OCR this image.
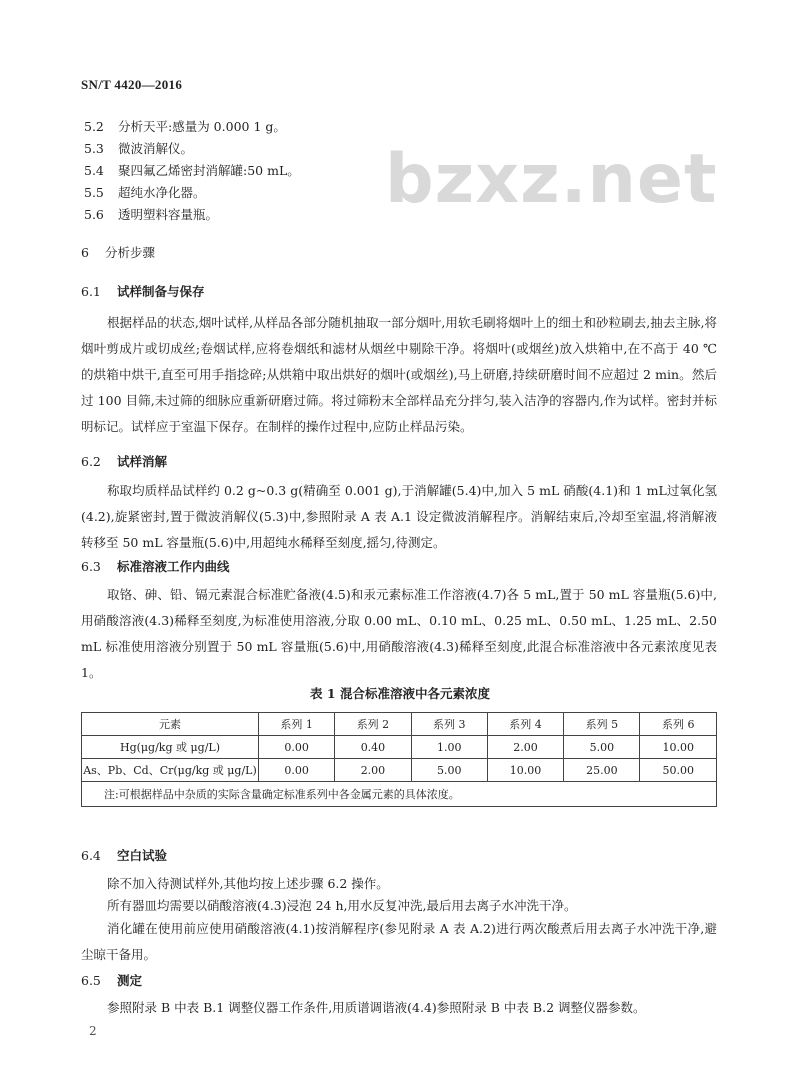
SN/T 4420—2016
bzxz.net
5.2 分析天平:感量为 0.000 1 g。
5.3 微波消解仪。
5.4 聚四氟乙烯密封消解罐:50 mL。
5.5 超纯水净化器。
5.6 透明塑料容量瓶。
6 分析步骤
6.1 试样制备与保存
根据样品的状态,烟叶试样,从样品各部分随机抽取一部分烟叶,用软毛刷将烟叶上的细土和砂粒刷去,抽去主脉,将烟叶剪成片或切成丝;卷烟试样,应将卷烟纸和滤材从烟丝中剔除干净。将烟叶(或烟丝)放入烘箱中,在不高于 40 ℃ 的烘箱中烘干,直至可用手指捻碎;从烘箱中取出烘好的烟叶(或烟丝),马上研磨,持续研磨时间不应超过 2 min。然后过 100 目筛,未过筛的细脉应重新研磨过筛。将过筛粉末全部样品充分拌匀,装入洁净的容器内,作为试样。密封并标明标记。试样应于室温下保存。在制样的操作过程中,应防止样品污染。
6.2 试样消解
称取均质样品试样约 0.2 g~0.3 g(精确至 0.001 g),于消解罐(5.4)中,加入 5 mL 硝酸(4.1)和 1 mL过氧化氢(4.2),旋紧密封,置于微波消解仪(5.3)中,参照附录 A 表 A.1 设定微波消解程序。消解结束后,冷却至室温,将消解液转移至 50 mL 容量瓶(5.6)中,用超纯水稀释至刻度,摇匀,待测定。
6.3 标准溶液工作内曲线
取铬、砷、铅、镉元素混合标准贮备液(4.5)和汞元素标准工作溶液(4.7)各 5 mL,置于 50 mL 容量瓶(5.6)中,用硝酸溶液(4.3)稀释至刻度,为标准使用溶液,分取 0.00 mL、0.10 mL、0.25 mL、0.50 mL、1.25 mL、2.50 mL 标准使用溶液分别置于 50 mL 容量瓶(5.6)中,用硝酸溶液(4.3)稀释至刻度,此混合标准溶液中各元素浓度见表 1。
表 1 混合标准溶液中各元素浓度
元素	系列 1	系列 2	系列 3	系列 4	系列 5	系列 6
Hg(μg/kg 或 μg/L)	0.00	0.40	1.00	2.00	5.00	10.00
As、Pb、Cd、Cr(μg/kg 或 μg/L)	0.00	2.00	5.00	10.00	25.00	50.00
注:可根据样品中杂质的实际含量确定标准系列中各金属元素的具体浓度。						
6.4 空白试验
除不加入待测试样外,其他均按上述步骤 6.2 操作。
所有器皿均需要以硝酸溶液(4.3)浸泡 24 h,用水反复冲洗,最后用去离子水冲洗干净。
消化罐在使用前应使用硝酸溶液(4.1)按消解程序(参见附录 A 表 A.2)进行两次酸煮后用去离子水冲洗干净,避尘晾干备用。
6.5 测定
参照附录 B 中表 B.1 调整仪器工作条件,用质谱调谐液(4.4)参照附录 B 中表 B.2 调整仪器参数。
2
